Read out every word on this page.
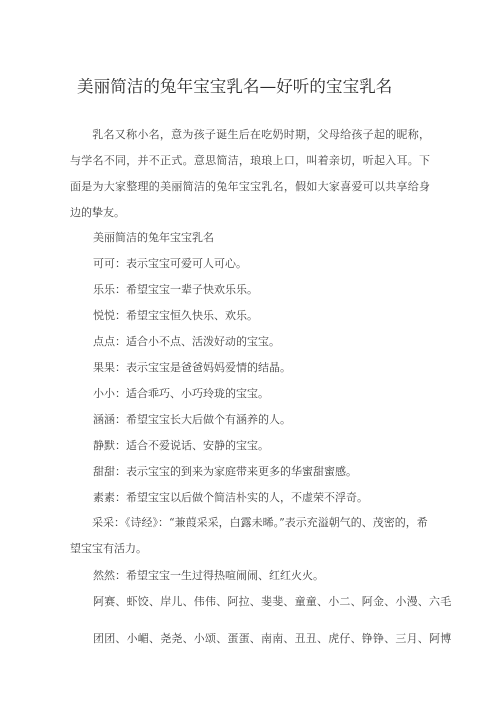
美丽简洁的兔年宝宝乳名—好听的宝宝乳名
乳名又称小名，意为孩子诞生后在吃奶时期，父母给孩子起的昵称，与学名不同，并不正式。意思简洁，琅琅上口，叫着亲切，听起入耳。下面是为大家整理的美丽简洁的兔年宝宝乳名，假如大家喜爱可以共享给身边的挚友。
美丽简洁的兔年宝宝乳名
可可：表示宝宝可爱可人可心。
乐乐：希望宝宝一辈子快欢乐乐。
悦悦：希望宝宝恒久快乐、欢乐。
点点：适合小不点、活泼好动的宝宝。
果果：表示宝宝是爸爸妈妈爱情的结晶。
小小：适合乖巧、小巧玲珑的宝宝。
涵涵：希望宝宝长大后做个有涵养的人。
静默：适合不爱说话、安静的宝宝。
甜甜：表示宝宝的到来为家庭带来更多的华蜜甜蜜感。
素素：希望宝宝以后做个简洁朴实的人，不虚荣不浮奇。
采采：《诗经》：“兼葭采采，白露未晞。”表示充溢朝气的、茂密的，希望宝宝有活力。
然然：希望宝宝一生过得热喧闹闹、红红火火。
阿赛、虾饺、岸儿、伟伟、阿拉、斐斐、童童、小二、阿金、小漫、六毛
团团、小嵋、尧尧、小颂、蛋蛋、南南、丑丑、虎仔、铮铮、三月、阿博
